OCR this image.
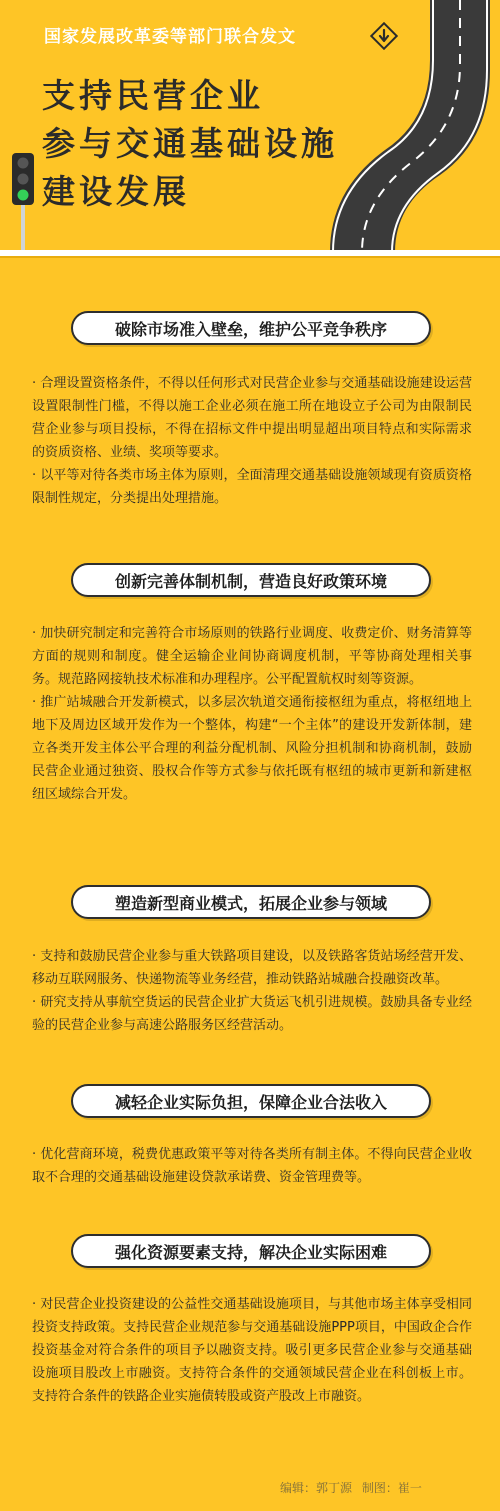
国家发展改革委等部门联合发文
支持民营企业
参与交通基础设施
建设发展
破除市场准入壁垒，维护公平竞争秩序
· 合理设置资格条件，不得以任何形式对民营企业参与交通基础设施建设运营设置限制性门槛，不得以施工企业必须在施工所在地设立子公司为由限制民营企业参与项目投标，不得在招标文件中提出明显超出项目特点和实际需求的资质资格、业绩、奖项等要求。
· 以平等对待各类市场主体为原则，全面清理交通基础设施领域现有资质资格限制性规定，分类提出处理措施。
创新完善体制机制，营造良好政策环境
· 加快研究制定和完善符合市场原则的铁路行业调度、收费定价、财务清算等方面的规则和制度。健全运输企业间协商调度机制，平等协商处理相关事务。规范路网接轨技术标准和办理程序。公平配置航权时刻等资源。
· 推广站城融合开发新模式，以多层次轨道交通衔接枢纽为重点，将枢纽地上地下及周边区域开发作为一个整体，构建“一个主体”的建设开发新体制，建立各类开发主体公平合理的利益分配机制、风险分担机制和协商机制，鼓励民营企业通过独资、股权合作等方式参与依托既有枢纽的城市更新和新建枢纽区域综合开发。
塑造新型商业模式，拓展企业参与领域
· 支持和鼓励民营企业参与重大铁路项目建设，以及铁路客货站场经营开发、移动互联网服务、快递物流等业务经营，推动铁路站城融合投融资改革。
· 研究支持从事航空货运的民营企业扩大货运飞机引进规模。鼓励具备专业经验的民营企业参与高速公路服务区经营活动。
减轻企业实际负担，保障企业合法收入
· 优化营商环境，税费优惠政策平等对待各类所有制主体。不得向民营企业收取不合理的交通基础设施建设贷款承诺费、资金管理费等。
强化资源要素支持，解决企业实际困难
· 对民营企业投资建设的公益性交通基础设施项目，与其他市场主体享受相同投资支持政策。支持民营企业规范参与交通基础设施PPP项目，中国政企合作投资基金对符合条件的项目予以融资支持。吸引更多民营企业参与交通基础设施项目股改上市融资。支持符合条件的交通领域民营企业在科创板上市。支持符合条件的铁路企业实施债转股或资产股改上市融资。
编辑：郭丁源 制图：崔一
